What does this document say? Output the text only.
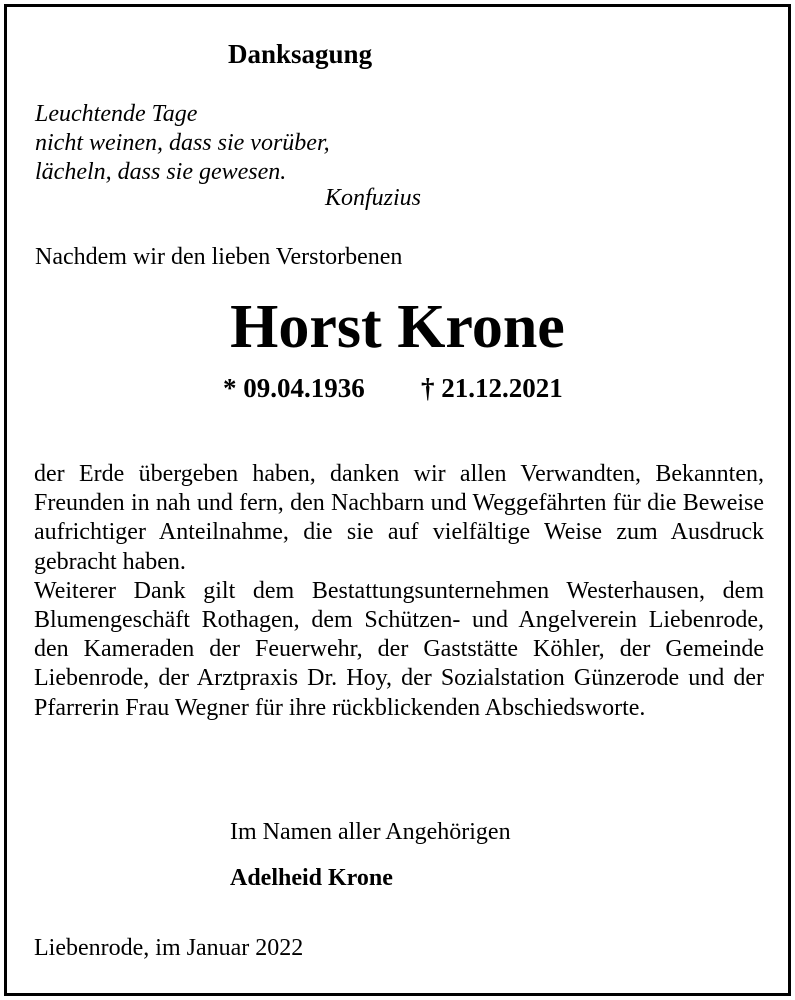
Danksagung
Leuchtende Tage
nicht weinen, dass sie vorüber,
lächeln, dass sie gewesen.
Konfuzius
Nachdem wir den lieben Verstorbenen
Horst Krone
* 09.04.1936 † 21.12.2021
der Erde übergeben haben, danken wir allen Verwandten, Bekannten, Freunden in nah und fern, den Nachbarn und Weggefährten für die Beweise aufrichtiger Anteilnahme, die sie auf vielfältige Weise zum Ausdruck gebracht haben.
Weiterer Dank gilt dem Bestattungsunternehmen Westerhausen, dem Blumengeschäft Rothagen, dem Schützen- und Angelverein Liebenrode, den Kameraden der Feuerwehr, der Gaststätte Köhler, der Gemeinde Liebenrode, der Arztpraxis Dr. Hoy, der Sozialstation Günzerode und der Pfarrerin Frau Wegner für ihre rückblickenden Abschiedsworte.
Im Namen aller Angehörigen
Adelheid Krone
Liebenrode, im Januar 2022
